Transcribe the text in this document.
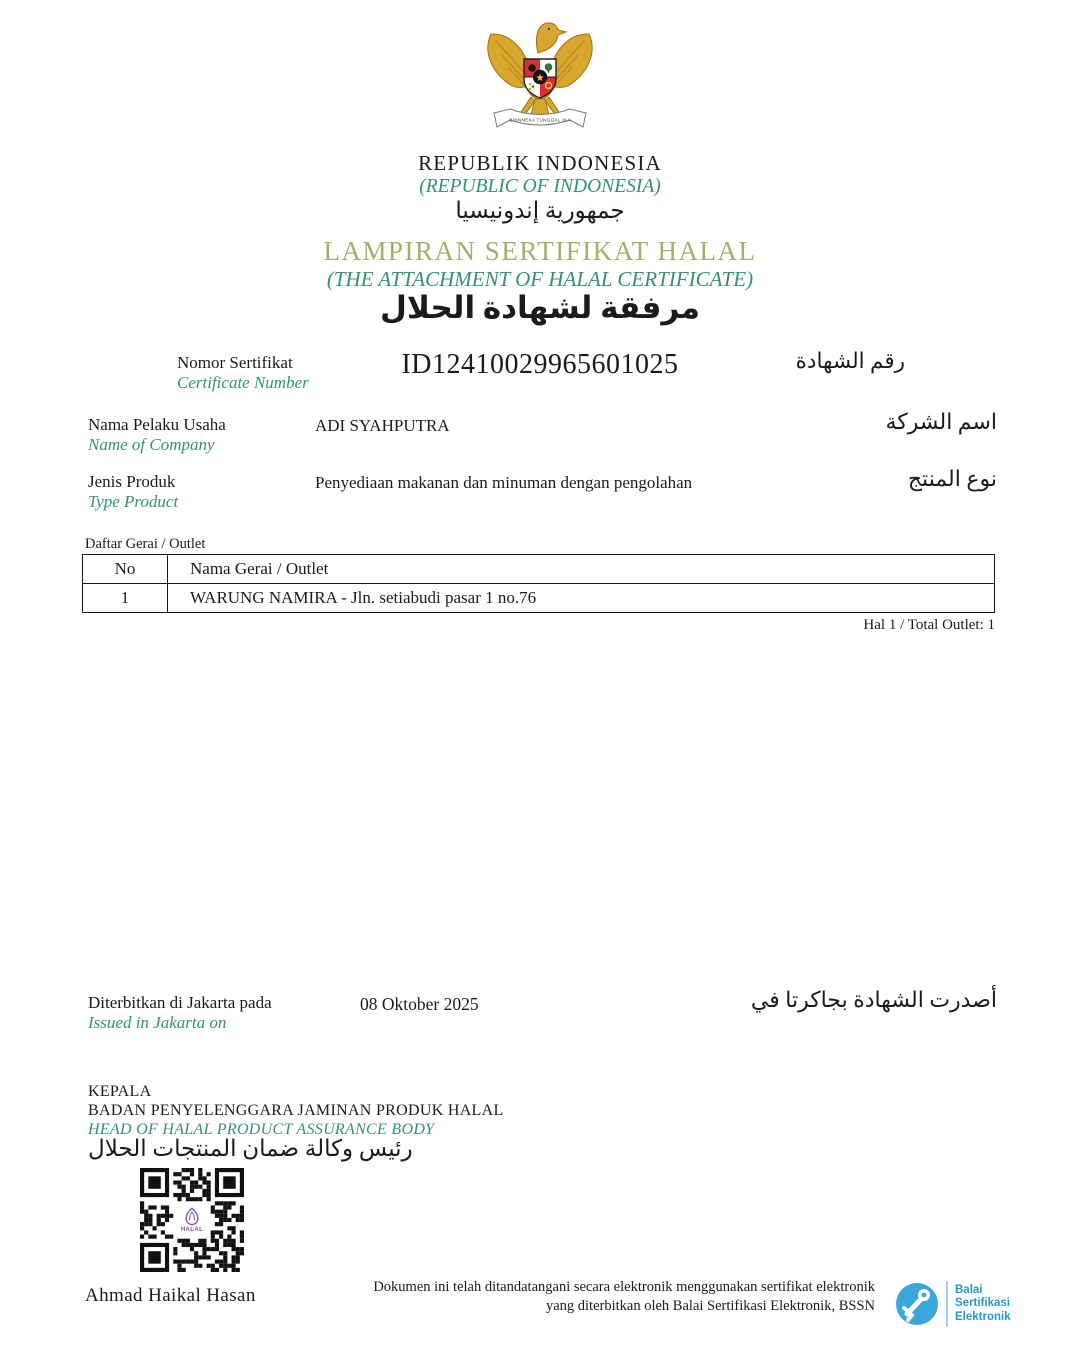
BHINNEKA TUNGGAL IKA
★
REPUBLIK INDONESIA
(REPUBLIC OF INDONESIA)
جمهورية إندونيسيا
LAMPIRAN SERTIFIKAT HALAL
(THE ATTACHMENT OF HALAL CERTIFICATE)
مرفقة لشهادة الحلال
Nomor Sertifikat
Certificate Number
ID12410029965601025	رقم الشهادة
Nama Pelaku Usaha
Name of Company
ADI SYAHPUTRA	اسم الشركة
Jenis Produk
Type Product
Penyediaan makanan dan minuman dengan pengolahan	نوع المنتج
Daftar Gerai / Outlet
No	Nama Gerai / Outlet
1	WARUNG NAMIRA - Jln. setiabudi pasar 1 no.76
Hal 1 / Total Outlet: 1
Diterbitkan di Jakarta pada
Issued in Jakarta on
08 Oktober 2025	أصدرت الشهادة بجاكرتا في
KEPALA
BADAN PENYELENGGARA JAMINAN PRODUK HALAL
HEAD OF HALAL PRODUCT ASSURANCE BODY
رئيس وكالة ضمان المنتجات الحلال
HALAL
Ahmad Haikal Hasan	Dokumen ini telah ditandatangani secara elektronik menggunakan sertifikat elektronik
yang diterbitkan oleh Balai Sertifikasi Elektronik, BSSN
Balai
Sertifikasi
Elektronik
